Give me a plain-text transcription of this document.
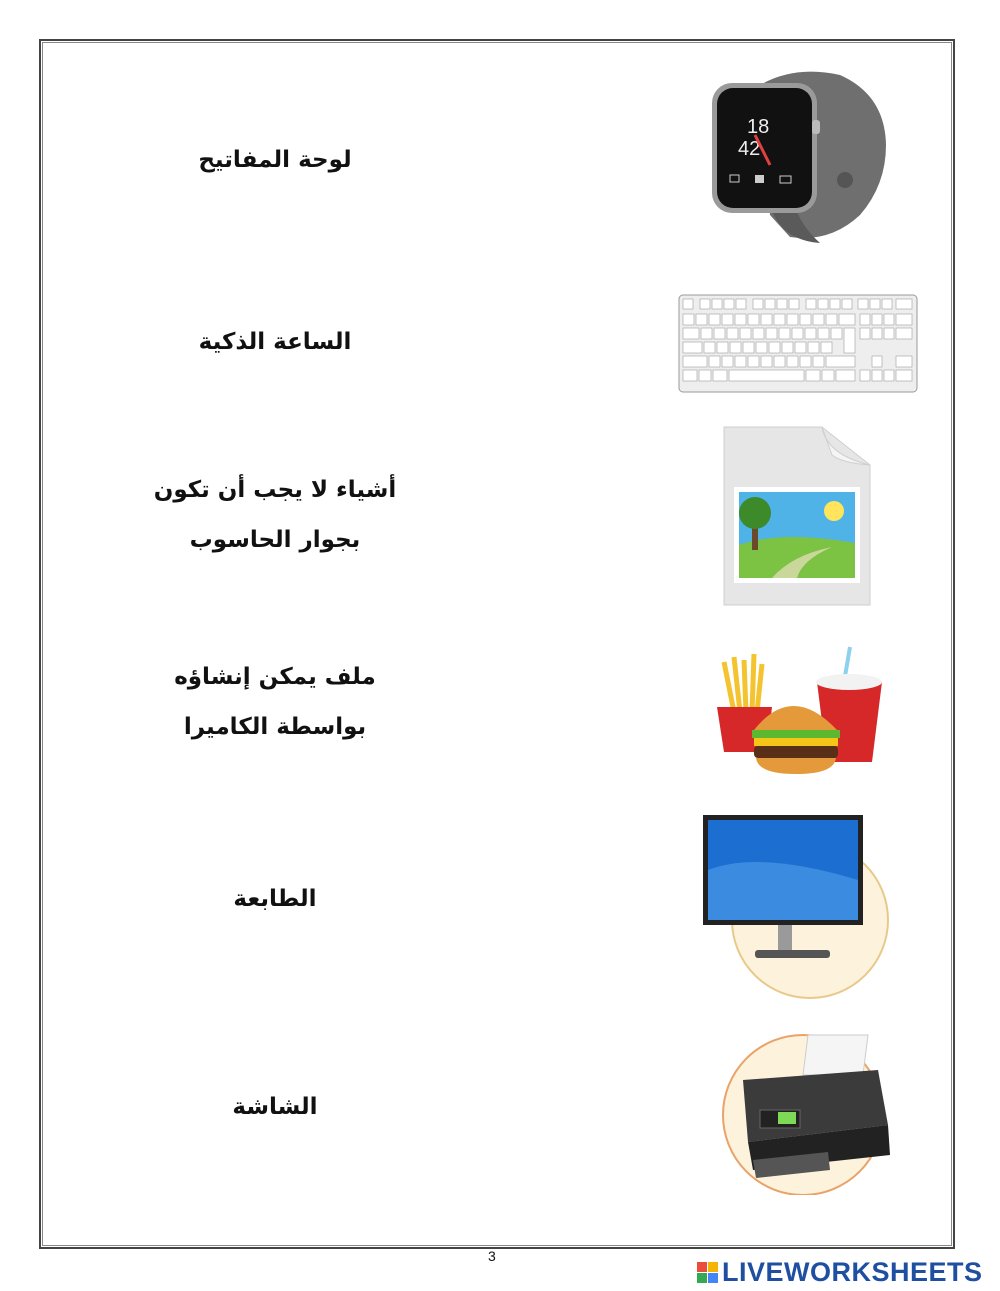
لوحة المفاتيح
الساعة الذكية
أشياء لا يجب أن تكون
بجوار الحاسوب
ملف يمكن إنشاؤه
بواسطة الكاميرا
الطابعة
الشاشة
18
42
3
LIVEWORKSHEETS
